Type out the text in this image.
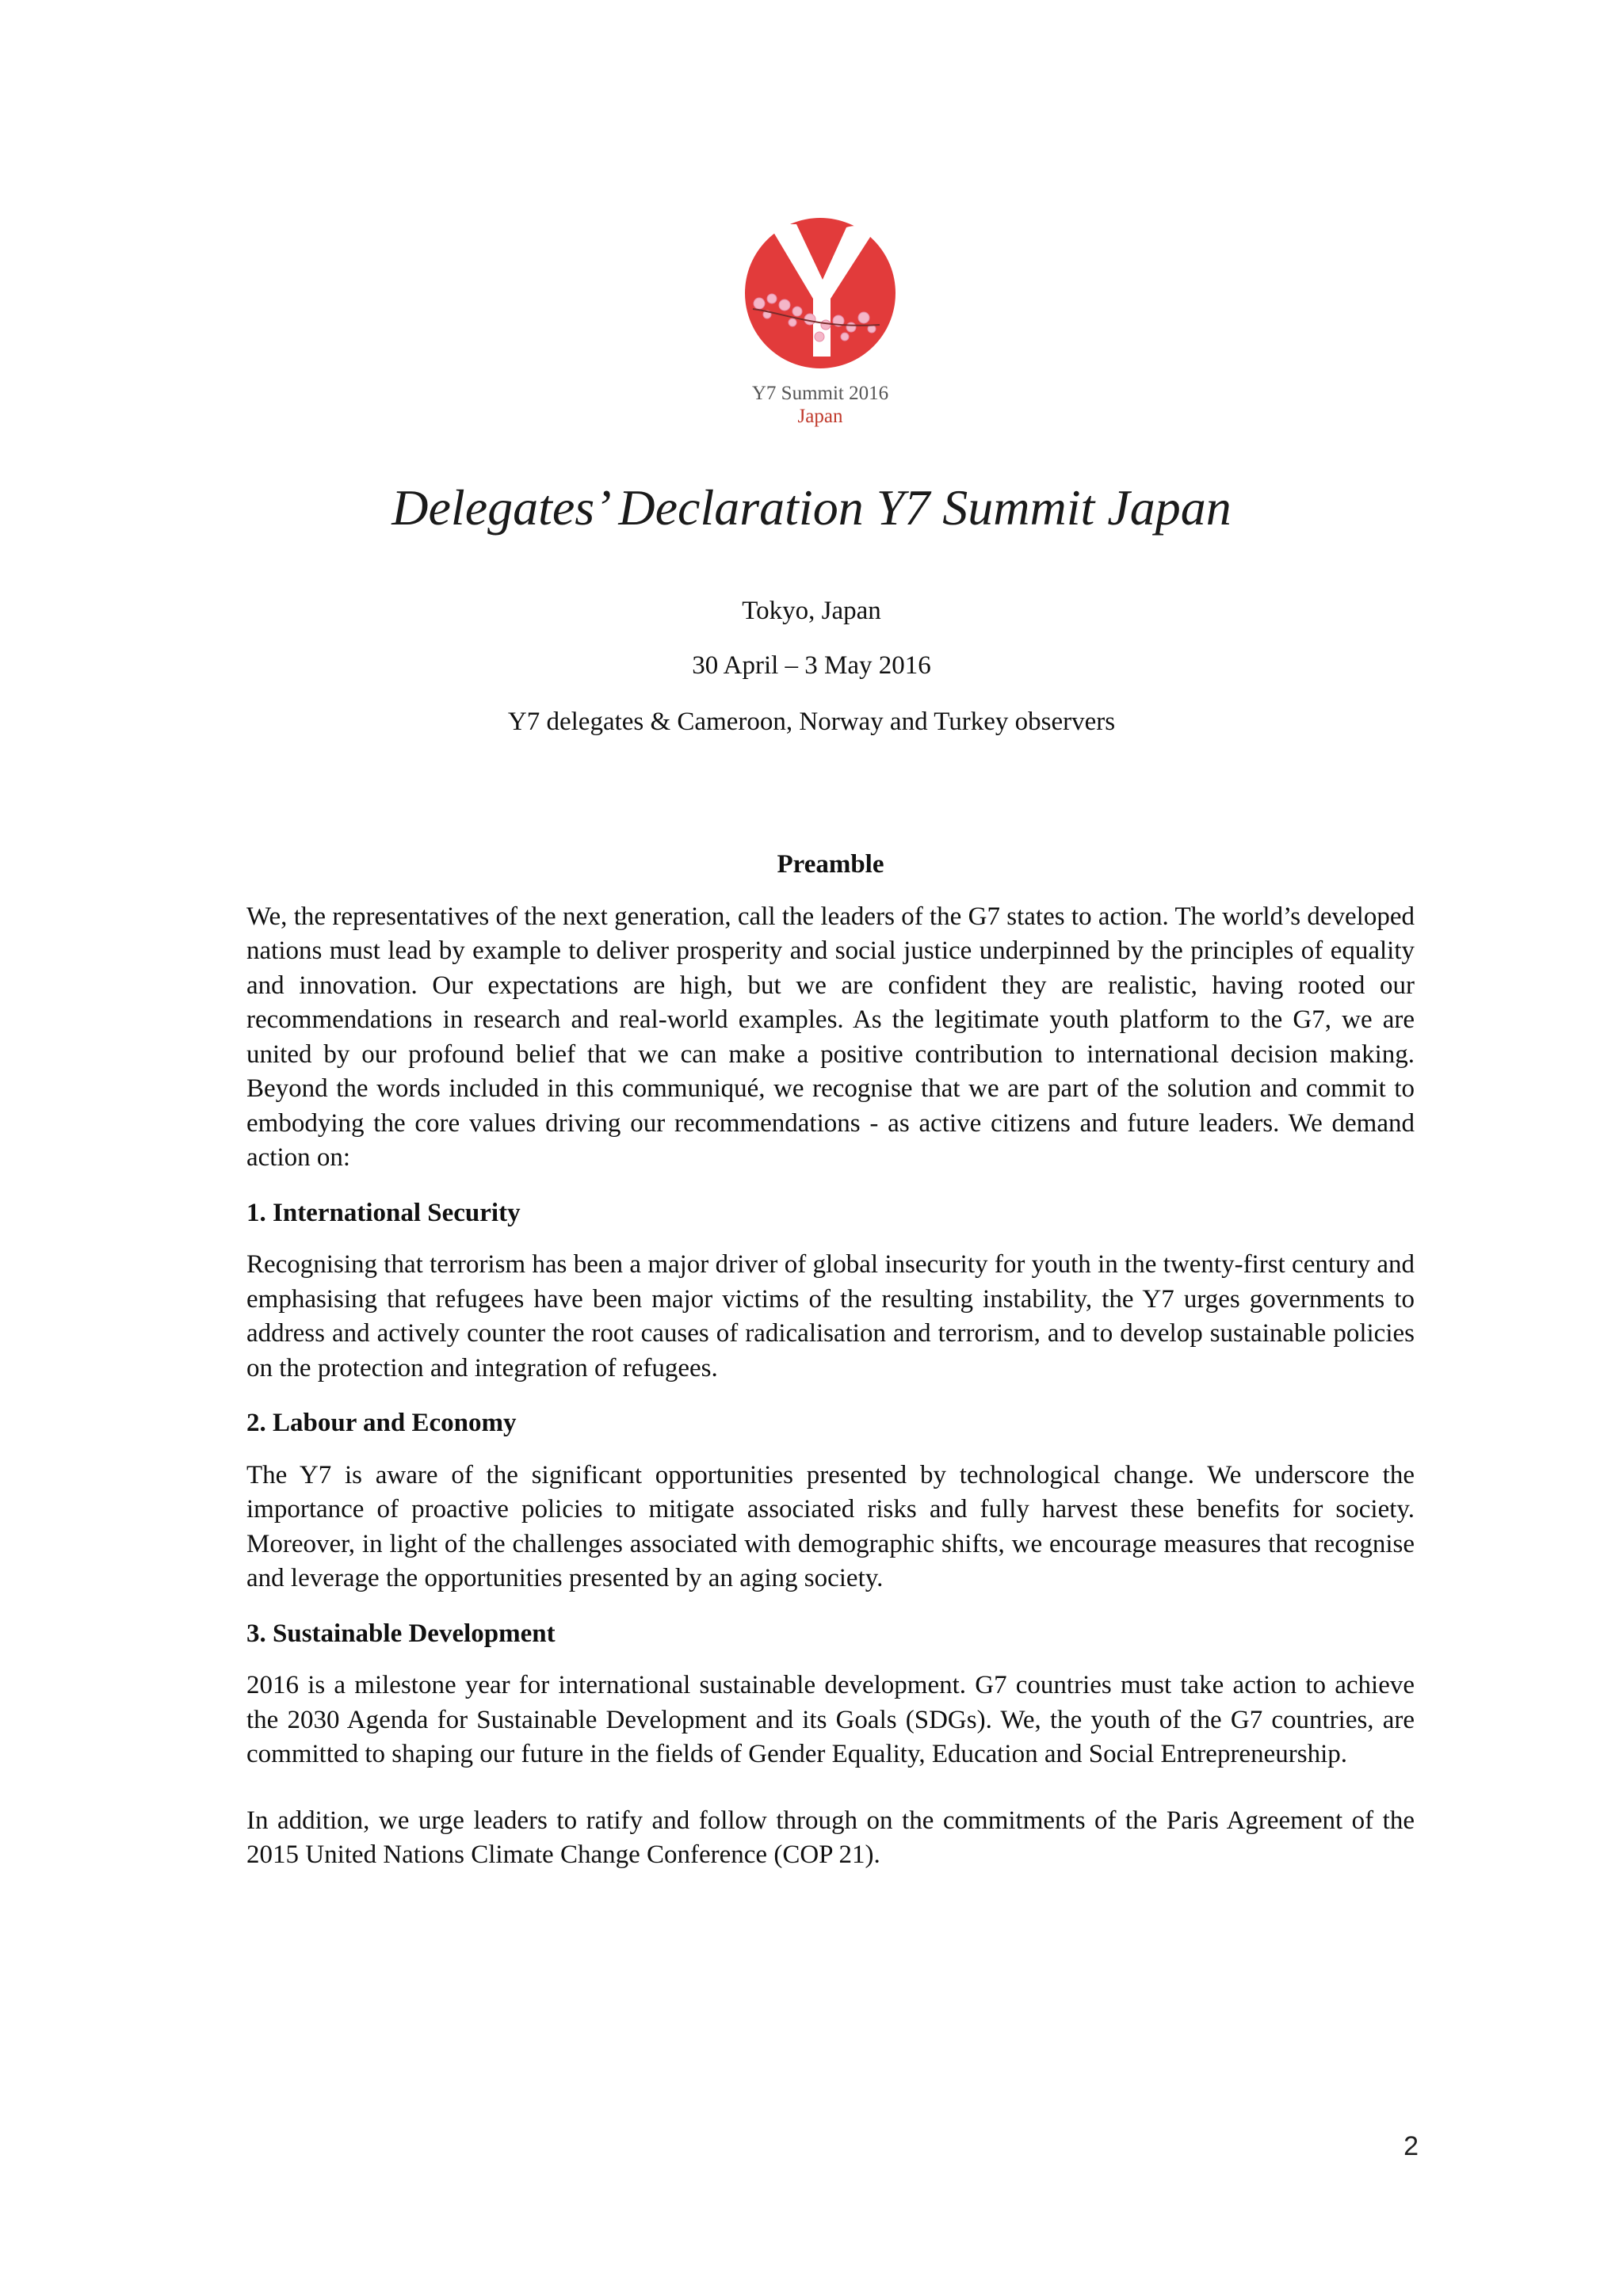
Y7 Summit 2016
Japan
Delegates’ Declaration Y7 Summit Japan
Tokyo, Japan
30 April – 3 May 2016
Y7 delegates & Cameroon, Norway and Turkey observers
Preamble

We, the representatives of the next generation, call the leaders of the G7 states to action. The world’s developed nations must lead by example to deliver prosperity and social justice underpinned by the principles of equality and innovation. Our expectations are high, but we are confident they are realistic, having rooted our recommendations in research and real-world examples. As the legitimate youth platform to the G7, we are united by our profound belief that we can make a positive contribution to international decision making. Beyond the words included in this communiqué, we recognise that we are part of the solution and commit to embodying the core values driving our recommendations - as active citizens and future leaders. We demand action on:

1. International Security

Recognising that terrorism has been a major driver of global insecurity for youth in the twenty-first century and emphasising that refugees have been major victims of the resulting instability, the Y7 urges governments to address and actively counter the root causes of radicalisation and terrorism, and to develop sustainable policies on the protection and integration of refugees.

2. Labour and Economy

The Y7 is aware of the significant opportunities presented by technological change. We underscore the importance of proactive policies to mitigate associated risks and fully harvest these benefits for society. Moreover, in light of the challenges associated with demographic shifts, we encourage measures that recognise and leverage the opportunities presented by an aging society.

3. Sustainable Development

2016 is a milestone year for international sustainable development. G7 countries must take action to achieve the 2030 Agenda for Sustainable Development and its Goals (SDGs). We, the youth of the G7 countries, are committed to shaping our future in the fields of Gender Equality, Education and Social Entrepreneurship.

In addition, we urge leaders to ratify and follow through on the commitments of the Paris Agreement of the 2015 United Nations Climate Change Conference (COP 21).

2
